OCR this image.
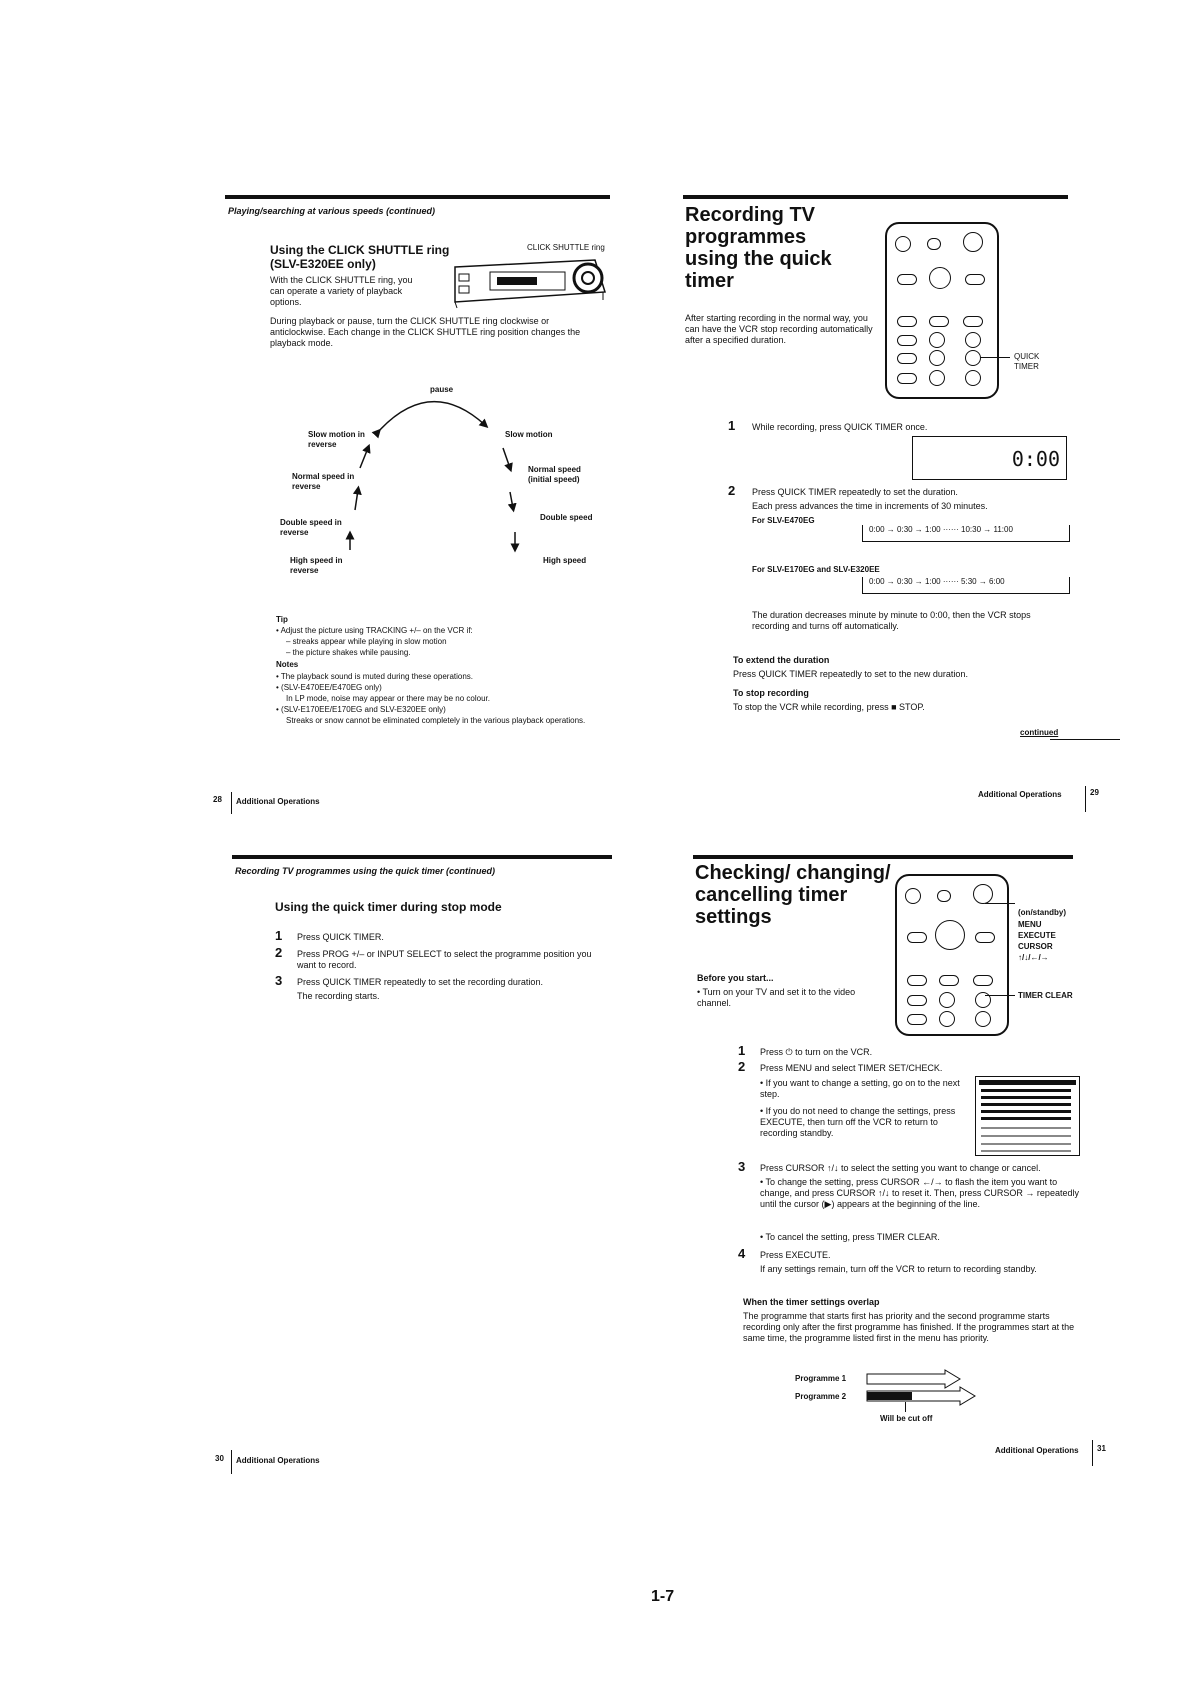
Playing/searching at various speeds (continued)
Using the CLICK SHUTTLE ring (SLV-E320EE only)
CLICK SHUTTLE ring
With the CLICK SHUTTLE ring, you can operate a variety of playback options.
During playback or pause, turn the CLICK SHUTTLE ring clockwise or anticlockwise. Each change in the CLICK SHUTTLE ring position changes the playback mode.
pause
Slow motion in reverse
Slow motion
Normal speed in reverse
Normal speed (initial speed)
Double speed in reverse
Double speed
High speed in reverse
High speed
Tip
• Adjust the picture using TRACKING +/– on the VCR if:
– streaks appear while playing in slow motion
– the picture shakes while pausing.
Notes
• The playback sound is muted during these operations.
• (SLV-E470EE/E470EG only)
In LP mode, noise may appear or there may be no colour.
• (SLV-E170EE/E170EG and SLV-E320EE only)
Streaks or snow cannot be eliminated completely in the various playback operations.
28 Additional Operations
Recording TV programmes using the quick timer
QUICK TIMER
After starting recording in the normal way, you can have the VCR stop recording automatically after a specified duration.
1 While recording, press QUICK TIMER once.
0:00
2 Press QUICK TIMER repeatedly to set the duration.
Each press advances the time in increments of 30 minutes.
For SLV-E470EG
0:00 → 0:30 → 1:00 ······ 10:30 → 11:00
For SLV-E170EG and SLV-E320EE
0:00 → 0:30 → 1:00 ······ 5:30 → 6:00
The duration decreases minute by minute to 0:00, then the VCR stops recording and turns off automatically.
To extend the duration
Press QUICK TIMER repeatedly to set to the new duration.
To stop recording
To stop the VCR while recording, press ■ STOP.
continued
Additional Operations	29
Recording TV programmes using the quick timer (continued)
Using the quick timer during stop mode
1 Press QUICK TIMER.
2 Press PROG +/– or INPUT SELECT to select the programme position you want to record.
3 Press QUICK TIMER repeatedly to set the recording duration.
The recording starts.
30 Additional Operations
Checking/ changing/ cancelling timer settings
Before you start...
• Turn on your TV and set it to the video channel.
(on/standby)
MENU
EXECUTE
CURSOR
↑/↓/←/→
TIMER CLEAR
1 Press ⏻ to turn on the VCR.
2 Press MENU and select TIMER SET/CHECK.
• If you want to change a setting, go on to the next step.
• If you do not need to change the settings, press EXECUTE, then turn off the VCR to return to recording standby.
3 Press CURSOR ↑/↓ to select the setting you want to change or cancel.
• To change the setting, press CURSOR ←/→ to flash the item you want to change, and press CURSOR ↑/↓ to reset it. Then, press CURSOR → repeatedly until the cursor (▶) appears at the beginning of the line.
• To cancel the setting, press TIMER CLEAR.
4 Press EXECUTE.
If any settings remain, turn off the VCR to return to recording standby.
When the timer settings overlap
The programme that starts first has priority and the second programme starts recording only after the first programme has finished. If the programmes start at the same time, the programme listed first in the menu has priority.
Programme 1
Programme 2
Will be cut off
Additional Operations 31
1-7
